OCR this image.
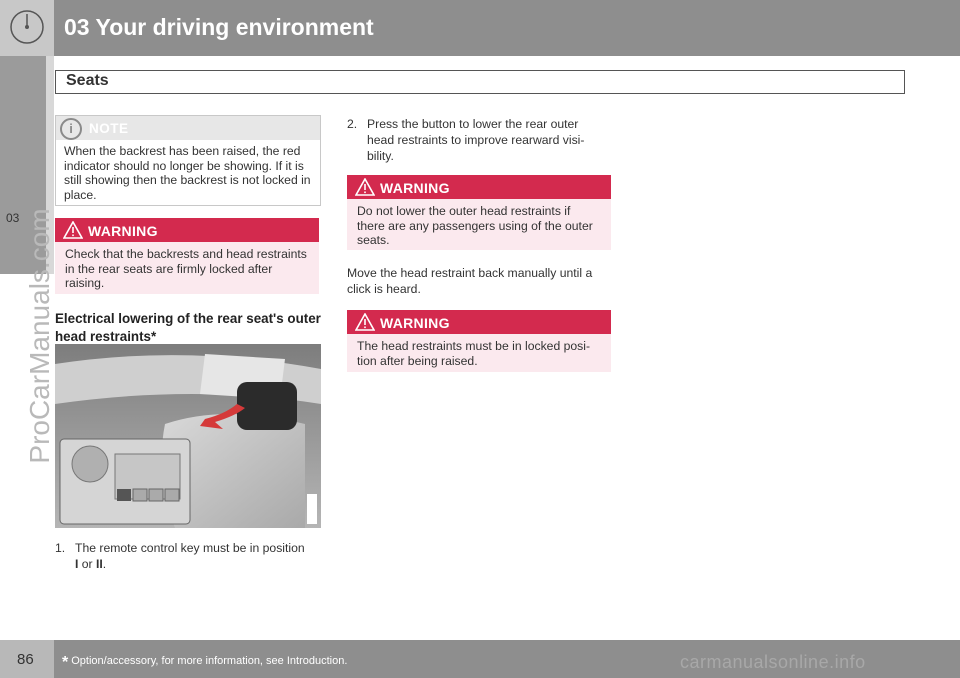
03 Your driving environment
Seats
03 ProCarManuals.com
i	NOTE
When the backrest has been raised, the red indicator should no longer be showing. If it is still showing then the backrest is not locked in place.
WARNING
Check that the backrests and head restraints in the rear seats are firmly locked after raising.
Electrical lowering of the rear seat's outer head restraints*
1. The remote control key must be in position
I or II.
2. Press the button to lower the rear outer head restraints to improve rearward visi-bility.
WARNING
Do not lower the outer head restraints if there are any passengers using of the outer seats.
Move the head restraint back manually until a click is heard.
WARNING
The head restraints must be in locked posi-tion after being raised.
86 * Option/accessory, for more information, see Introduction.	carmanualsonline.info
